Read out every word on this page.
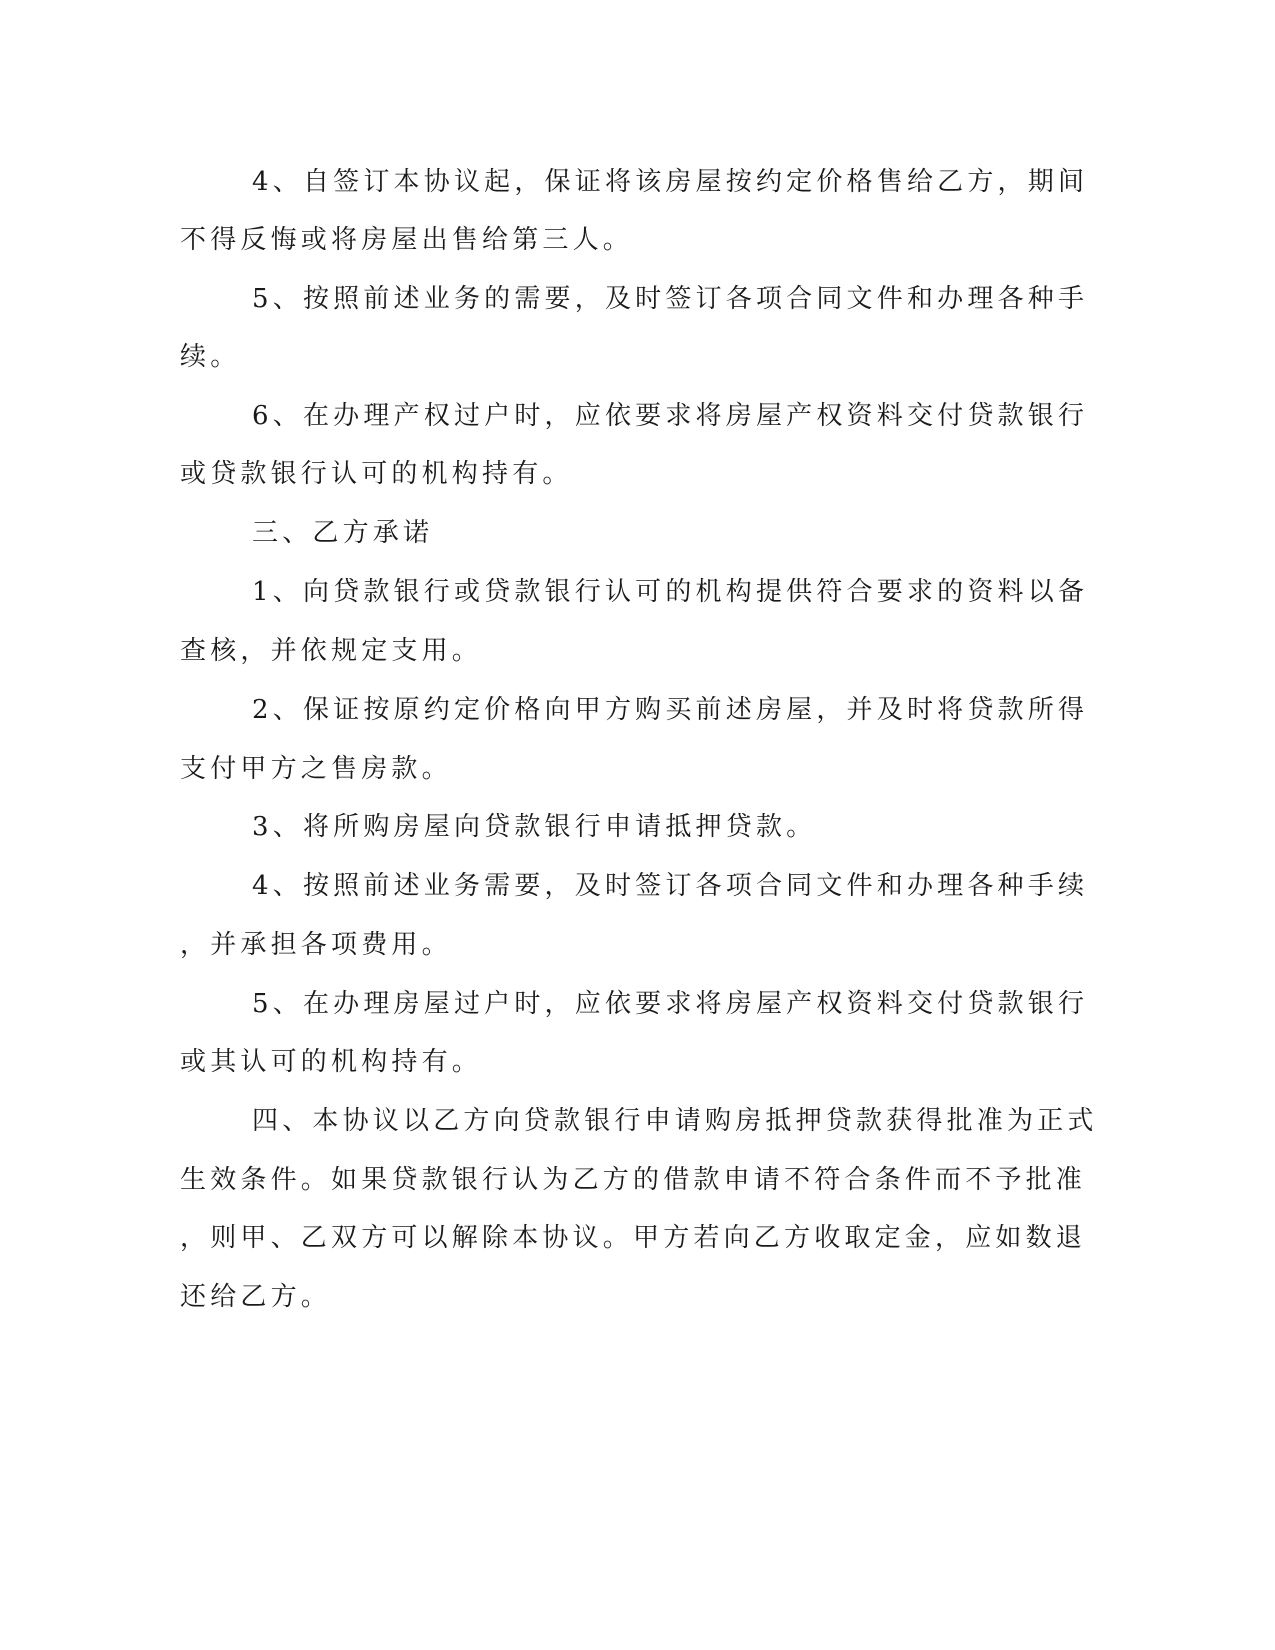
4、自签订本协议起，保证将该房屋按约定价格售给乙方，期间
不得反悔或将房屋出售给第三人。
5、按照前述业务的需要，及时签订各项合同文件和办理各种手
续。
6、在办理产权过户时，应依要求将房屋产权资料交付贷款银行
或贷款银行认可的机构持有。
三、乙方承诺
1、向贷款银行或贷款银行认可的机构提供符合要求的资料以备
查核，并依规定支用。
2、保证按原约定价格向甲方购买前述房屋，并及时将贷款所得
支付甲方之售房款。
3、将所购房屋向贷款银行申请抵押贷款。
4、按照前述业务需要，及时签订各项合同文件和办理各种手续
，并承担各项费用。
5、在办理房屋过户时，应依要求将房屋产权资料交付贷款银行
或其认可的机构持有。
四、本协议以乙方向贷款银行申请购房抵押贷款获得批准为正式
生效条件。如果贷款银行认为乙方的借款申请不符合条件而不予批准
，则甲、乙双方可以解除本协议。甲方若向乙方收取定金，应如数退
还给乙方。
